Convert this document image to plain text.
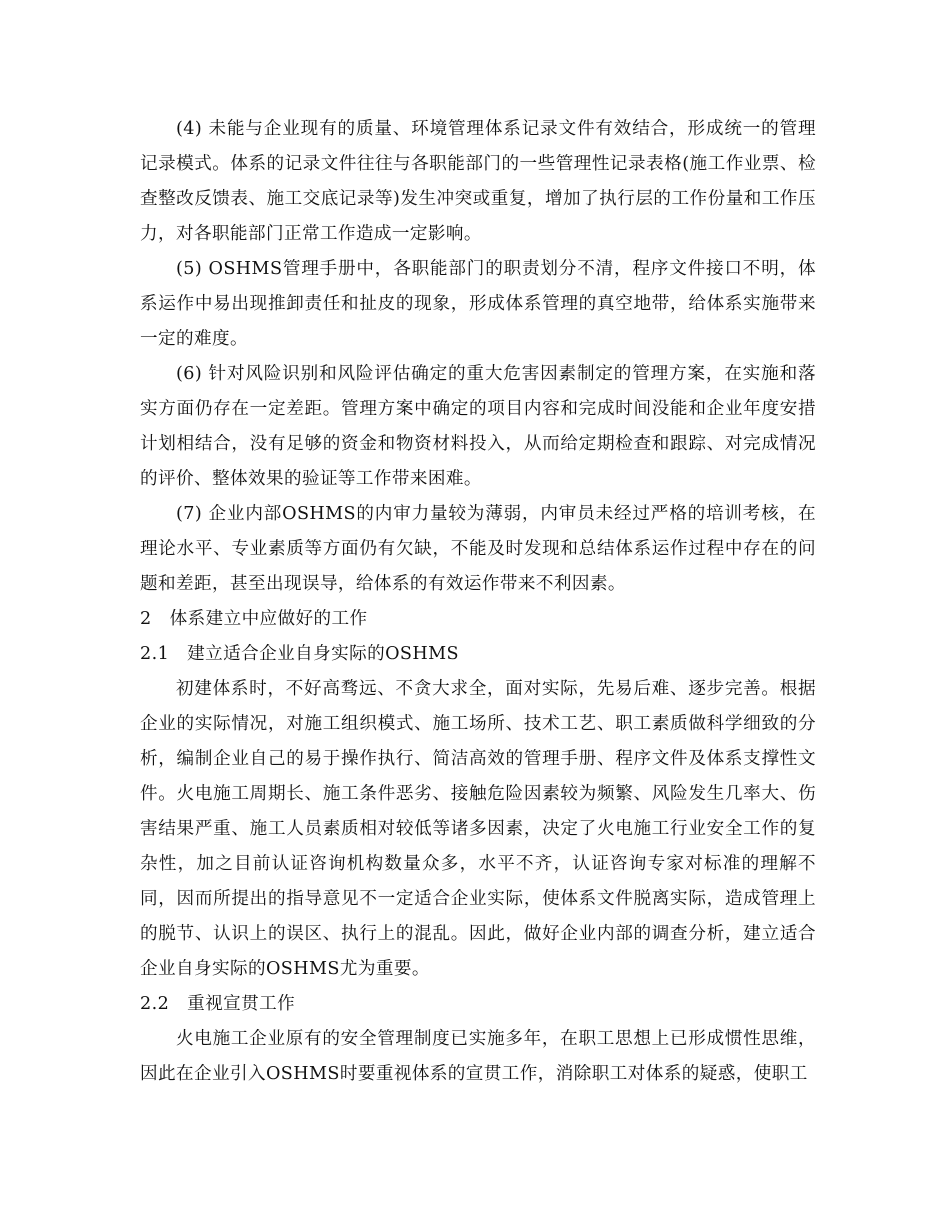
(4) 未能与企业现有的质量、环境管理体系记录文件有效结合，形成统一的管理记录模式。体系的记录文件往往与各职能部门的一些管理性记录表格(施工作业票、检查整改反馈表、施工交底记录等)发生冲突或重复，增加了执行层的工作份量和工作压力，对各职能部门正常工作造成一定影响。

(5) OSHMS管理手册中，各职能部门的职责划分不清，程序文件接口不明，体系运作中易出现推卸责任和扯皮的现象，形成体系管理的真空地带，给体系实施带来一定的难度。

(6) 针对风险识别和风险评估确定的重大危害因素制定的管理方案，在实施和落实方面仍存在一定差距。管理方案中确定的项目内容和完成时间没能和企业年度安措计划相结合，没有足够的资金和物资材料投入，从而给定期检查和跟踪、对完成情况的评价、整体效果的验证等工作带来困难。

(7) 企业内部OSHMS的内审力量较为薄弱，内审员未经过严格的培训考核，在理论水平、专业素质等方面仍有欠缺，不能及时发现和总结体系运作过程中存在的问题和差距，甚至出现误导，给体系的有效运作带来不利因素。

2　体系建立中应做好的工作

2.1　建立适合企业自身实际的OSHMS

初建体系时，不好高骛远、不贪大求全，面对实际，先易后难、逐步完善。根据企业的实际情况，对施工组织模式、施工场所、技术工艺、职工素质做科学细致的分析，编制企业自己的易于操作执行、简洁高效的管理手册、程序文件及体系支撑性文件。火电施工周期长、施工条件恶劣、接触危险因素较为频繁、风险发生几率大、伤害结果严重、施工人员素质相对较低等诸多因素，决定了火电施工行业安全工作的复杂性，加之目前认证咨询机构数量众多，水平不齐，认证咨询专家对标准的理解不同，因而所提出的指导意见不一定适合企业实际，使体系文件脱离实际，造成管理上的脱节、认识上的误区、执行上的混乱。因此，做好企业内部的调查分析，建立适合企业自身实际的OSHMS尤为重要。

2.2　重视宣贯工作

火电施工企业原有的安全管理制度已实施多年，在职工思想上已形成惯性思维，因此在企业引入OSHMS时要重视体系的宣贯工作，消除职工对体系的疑惑，使职工
